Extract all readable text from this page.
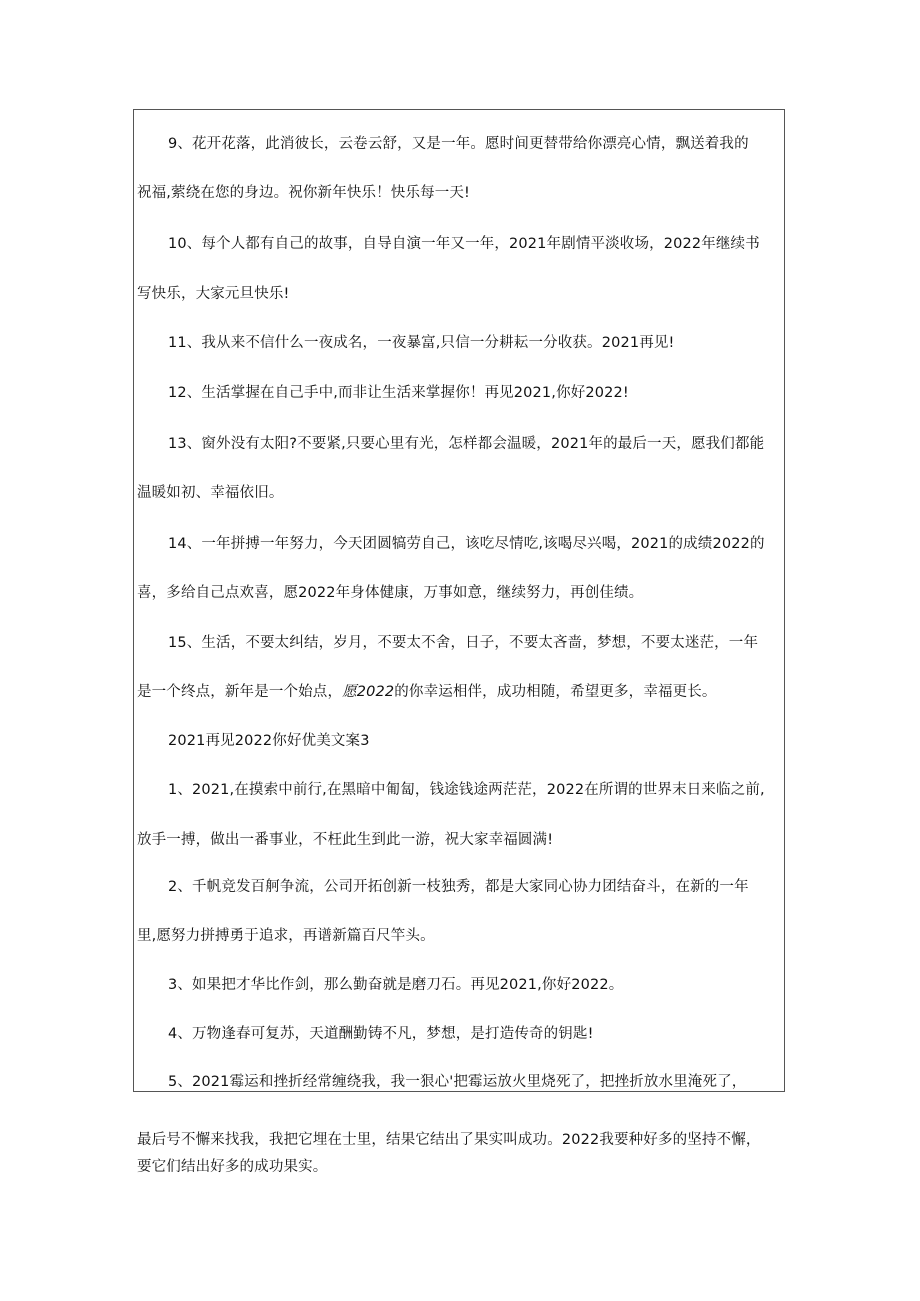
9、花开花落，此消彼长，云卷云舒，又是一年。愿时间更替带给你漂亮心情，飘送着我的

祝福,萦绕在您的身边。祝你新年快乐！快乐每一天!

10、每个人都有自己的故事，自导自演一年又一年，2021年剧情平淡收场，2022年继续书

写快乐，大家元旦快乐!

11、我从来不信什么一夜成名，一夜暴富,只信一分耕耘一分收获。2021再见!

12、生活掌握在自己手中,而非让生活来掌握你！再见2021,你好2022!

13、窗外没有太阳?不要紧,只要心里有光，怎样都会温暖，2021年的最后一天，愿我们都能

温暖如初、幸福依旧。

14、一年拼搏一年努力，今天团圆犒劳自己，该吃尽情吃,该喝尽兴喝，2021的成绩2022的

喜，多给自己点欢喜，愿2022年身体健康，万事如意，继续努力，再创佳绩。

15、生活，不要太纠结，岁月，不要太不舍，日子，不要太吝啬，梦想，不要太迷茫，一年

是一个终点，新年是一个始点，愿2022的你幸运相伴，成功相随，希望更多，幸福更长。

2021再见2022你好优美文案3

1、2021,在摸索中前行,在黑暗中匍匐，钱途钱途两茫茫，2022在所谓的世界末日来临之前,

放手一搏，做出一番事业，不枉此生到此一游，祝大家幸福圆满!

2、千帆竞发百舸争流，公司开拓创新一枝独秀，都是大家同心协力团结奋斗，在新的一年

里,愿努力拼搏勇于追求，再谱新篇百尺竿头。

3、如果把才华比作剑，那么勤奋就是磨刀石。再见2021,你好2022。

4、万物逢春可复苏，天道酬勤铸不凡，梦想，是打造传奇的钥匙!

5、2021霉运和挫折经常缠绕我，我一狠心'把霉运放火里烧死了，把挫折放水里淹死了，

最后号不懈来找我，我把它埋在士里，结果它结出了果实叫成功。2022我要种好多的坚持不懈，

要它们结出好多的成功果实。
